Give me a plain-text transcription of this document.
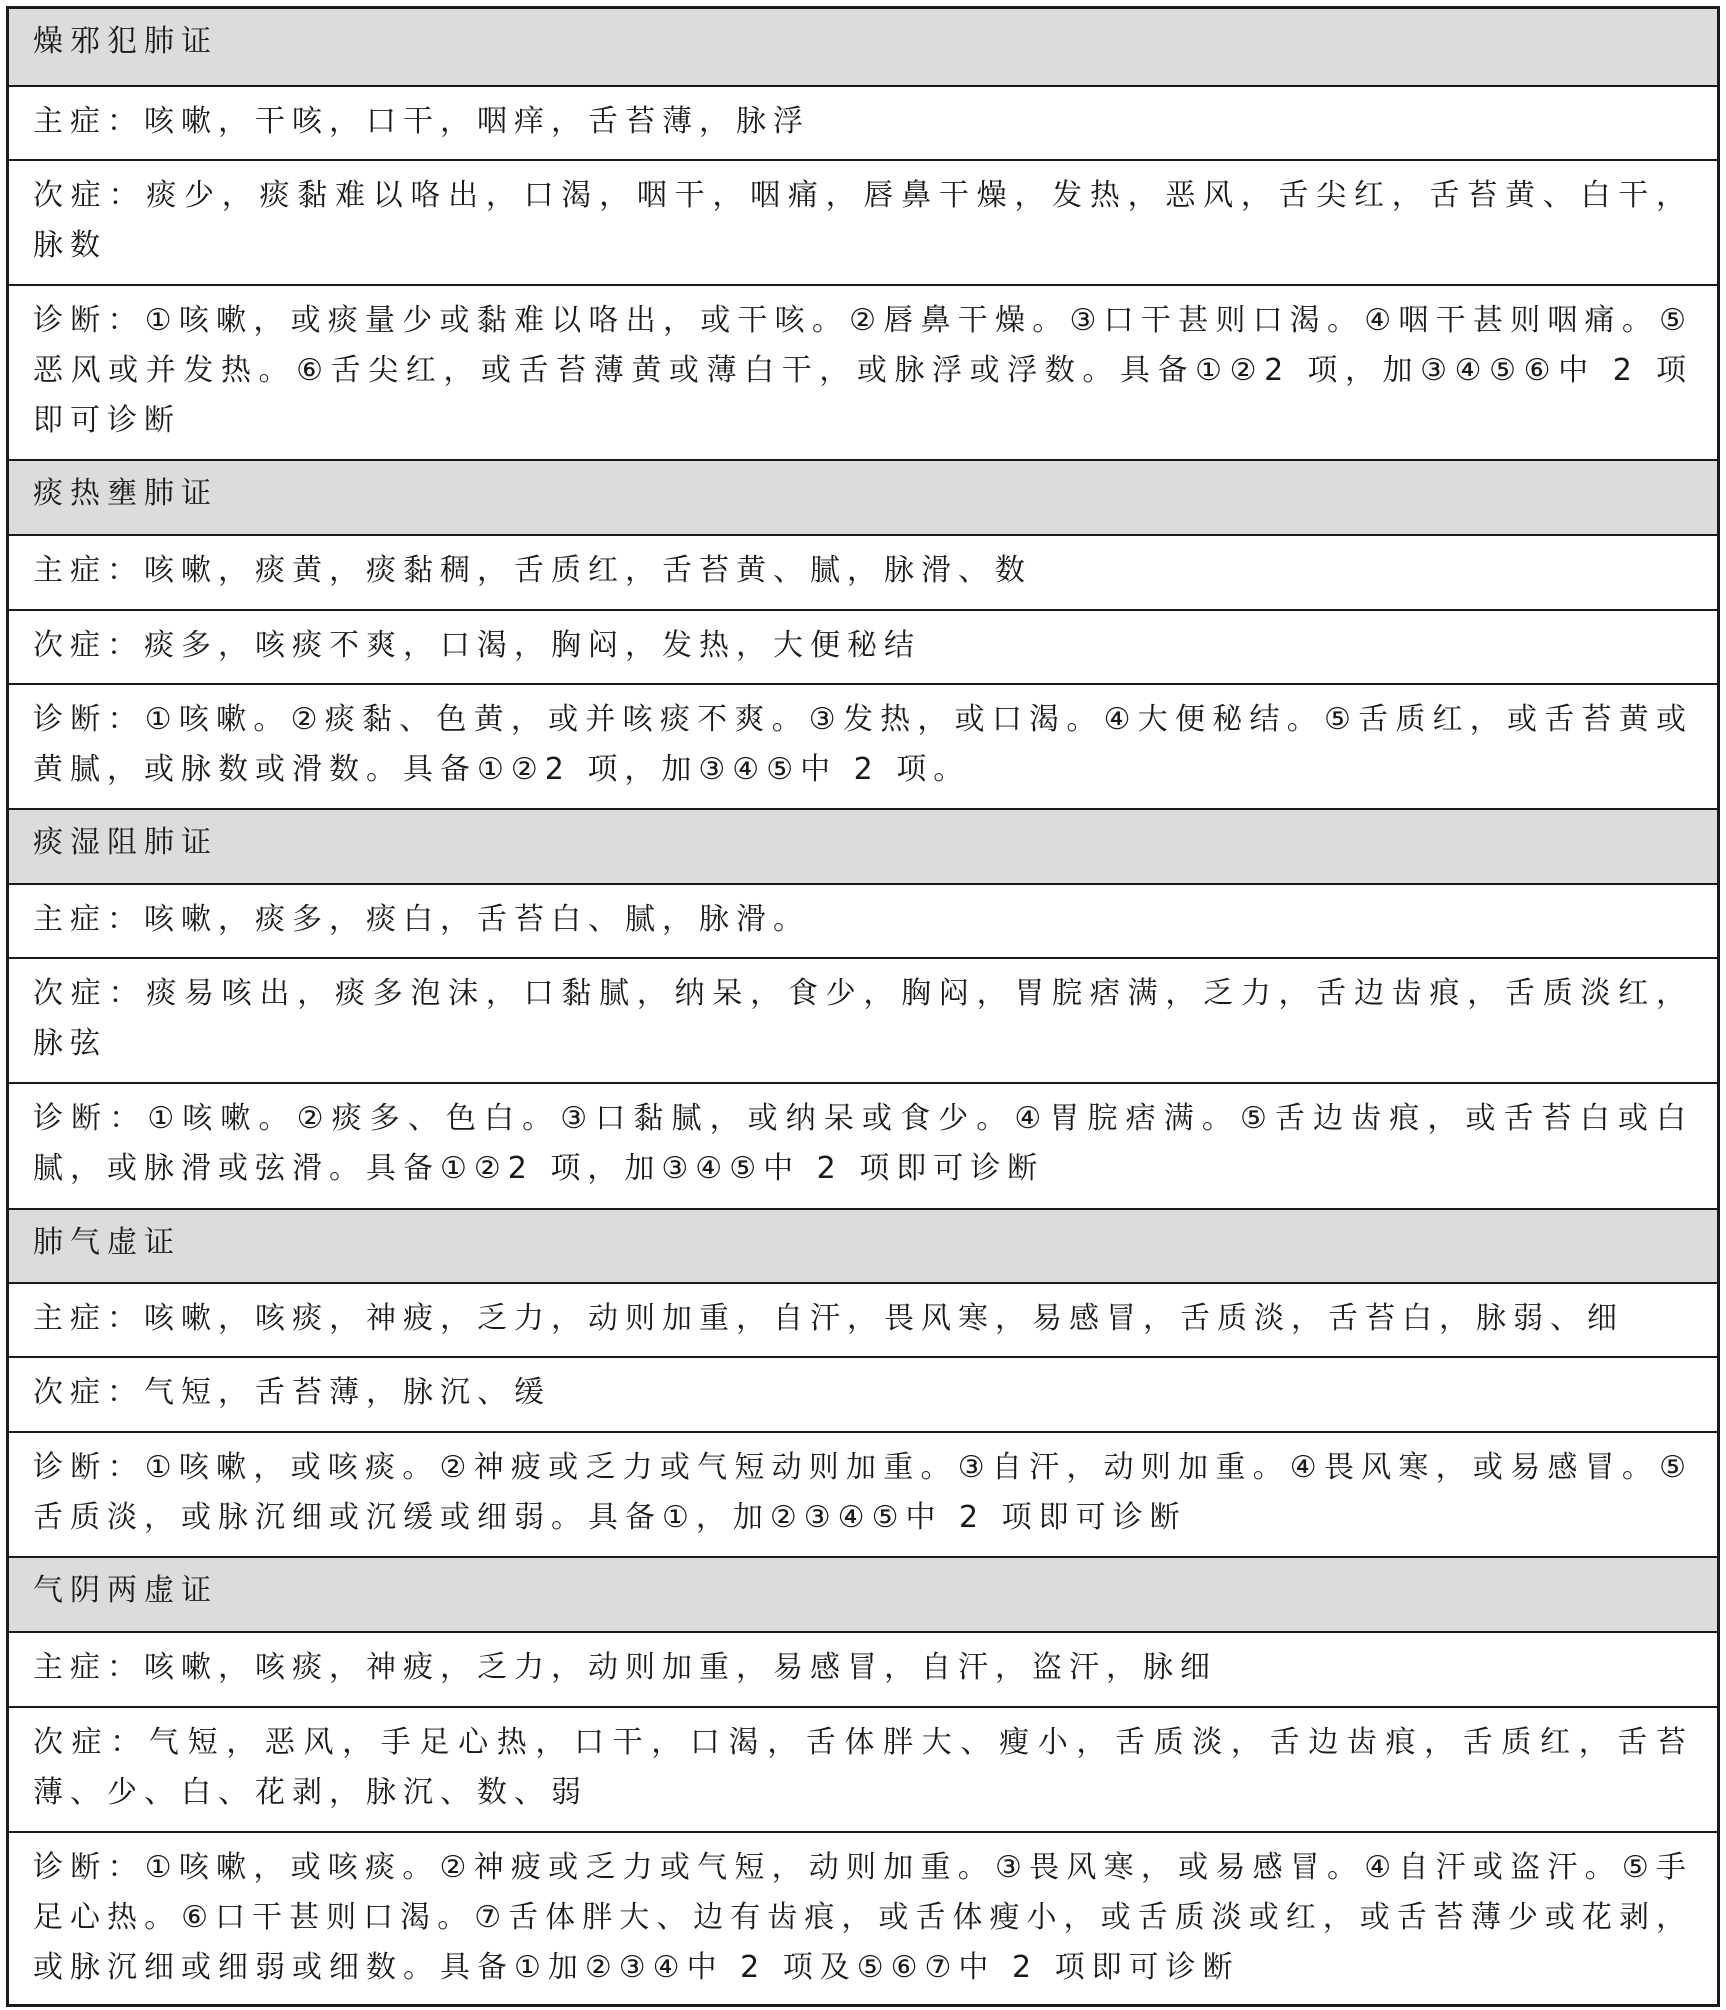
燥邪犯肺证
主症：咳嗽，干咳，口干，咽痒，舌苔薄，脉浮
次症：痰少，痰黏难以咯出，口渴，咽干，咽痛，唇鼻干燥，发热，恶风，舌尖红，舌苔黄、白干，脉数
诊断：①咳嗽，或痰量少或黏难以咯出，或干咳。②唇鼻干燥。③口干甚则口渴。④咽干甚则咽痛。⑤恶风或并发热。⑥舌尖红，或舌苔薄黄或薄白干，或脉浮或浮数。具备①②2 项，加③④⑤⑥中 2 项即可诊断
痰热壅肺证
主症：咳嗽，痰黄，痰黏稠，舌质红，舌苔黄、腻，脉滑、数
次症：痰多，咳痰不爽，口渴，胸闷，发热，大便秘结
诊断：①咳嗽。②痰黏、色黄，或并咳痰不爽。③发热，或口渴。④大便秘结。⑤舌质红，或舌苔黄或黄腻，或脉数或滑数。具备①②2 项，加③④⑤中 2 项。
痰湿阻肺证
主症：咳嗽，痰多，痰白，舌苔白、腻，脉滑。
次症：痰易咳出，痰多泡沫，口黏腻，纳呆，食少，胸闷，胃脘痞满，乏力，舌边齿痕，舌质淡红，脉弦
诊断：①咳嗽。②痰多、色白。③口黏腻，或纳呆或食少。④胃脘痞满。⑤舌边齿痕，或舌苔白或白腻，或脉滑或弦滑。具备①②2 项，加③④⑤中 2 项即可诊断
肺气虚证
主症：咳嗽，咳痰，神疲，乏力，动则加重，自汗，畏风寒，易感冒，舌质淡，舌苔白，脉弱、细
次症：气短，舌苔薄，脉沉、缓
诊断：①咳嗽，或咳痰。②神疲或乏力或气短动则加重。③自汗，动则加重。④畏风寒，或易感冒。⑤舌质淡，或脉沉细或沉缓或细弱。具备①，加②③④⑤中 2 项即可诊断
气阴两虚证
主症：咳嗽，咳痰，神疲，乏力，动则加重，易感冒，自汗，盗汗，脉细
次症：气短，恶风，手足心热，口干，口渴，舌体胖大、瘦小，舌质淡，舌边齿痕，舌质红，舌苔薄、少、白、花剥，脉沉、数、弱
诊断：①咳嗽，或咳痰。②神疲或乏力或气短，动则加重。③畏风寒，或易感冒。④自汗或盗汗。⑤手足心热。⑥口干甚则口渴。⑦舌体胖大、边有齿痕，或舌体瘦小，或舌质淡或红，或舌苔薄少或花剥，或脉沉细或细弱或细数。具备①加②③④中 2 项及⑤⑥⑦中 2 项即可诊断
